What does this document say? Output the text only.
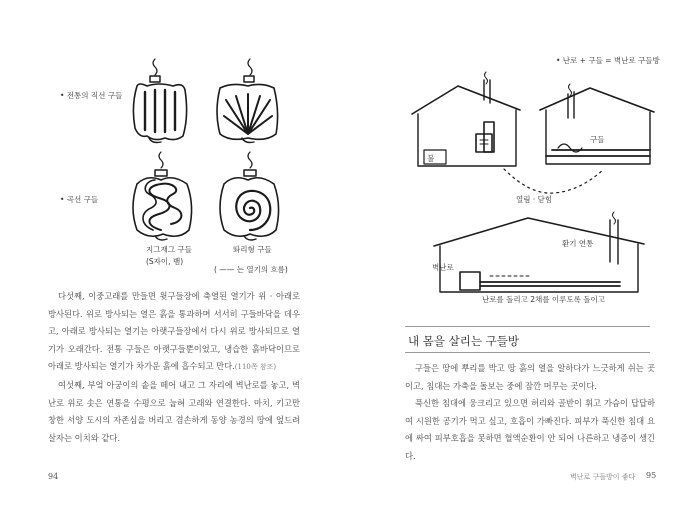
• 전통의 직선 구들
• 곡선 구들
지그재그 구들
(S자이, 뱀)
똬리형 구들
( —— 는 열기의 흐름)

다섯째, 이중고래를 만들면 윗구들장에 축열된 열기가 위 · 아래로 방사된다. 위로 방사되는 열은 흙을 통과하며 서서히 구들바닥을 데우고, 아래로 방사되는 열기는 아랫구들장에서 다시 위로 방사되므로 열기가 오래간다. 전통 구들은 아랫구들뿐이었고, 냉습한 흙바닥이므로 아래로 방사되는 열기가 차가운 흙에 흡수되고 만다.(110쪽 참조)

여섯째, 부엌 아궁이의 솥을 떼어 내고 그 자리에 벽난로를 놓고, 벽난로 위로 솟은 연통을 수평으로 눕혀 고래와 연결한다. 마치, 키고만 창한 서양 도시의 자존심을 버리고 겸손하게 동양 농경의 땅에 엎드려 살자는 이치와 같다.

94
• 난로 + 구들 = 벽난로 구들방
불
구들
열림 · 닫힘
벽난로
환기 연통
난로를 돌리고 2채를 이루도록 돌이고
내 몸을 살리는 구들방

구들은 땅에 뿌리를 박고 땅 흙의 열을 알하다가 느긋하게 쉬는 곳이고, 침대는 가축을 돌보는 중에 잠깐 머무는 곳이다.

푹신한 침대에 웅크리고 있으면 허리와 골반이 휘고 가슴이 답답하여 시원한 공기가 먹고 싶고, 호흡이 가빠진다. 피부가 푹신한 침대 요에 싸여 피부호흡을 못하면 혈액순환이 안 되어 나른하고 냉증이 생긴다.

벽난로 구들방이 좋다 95
